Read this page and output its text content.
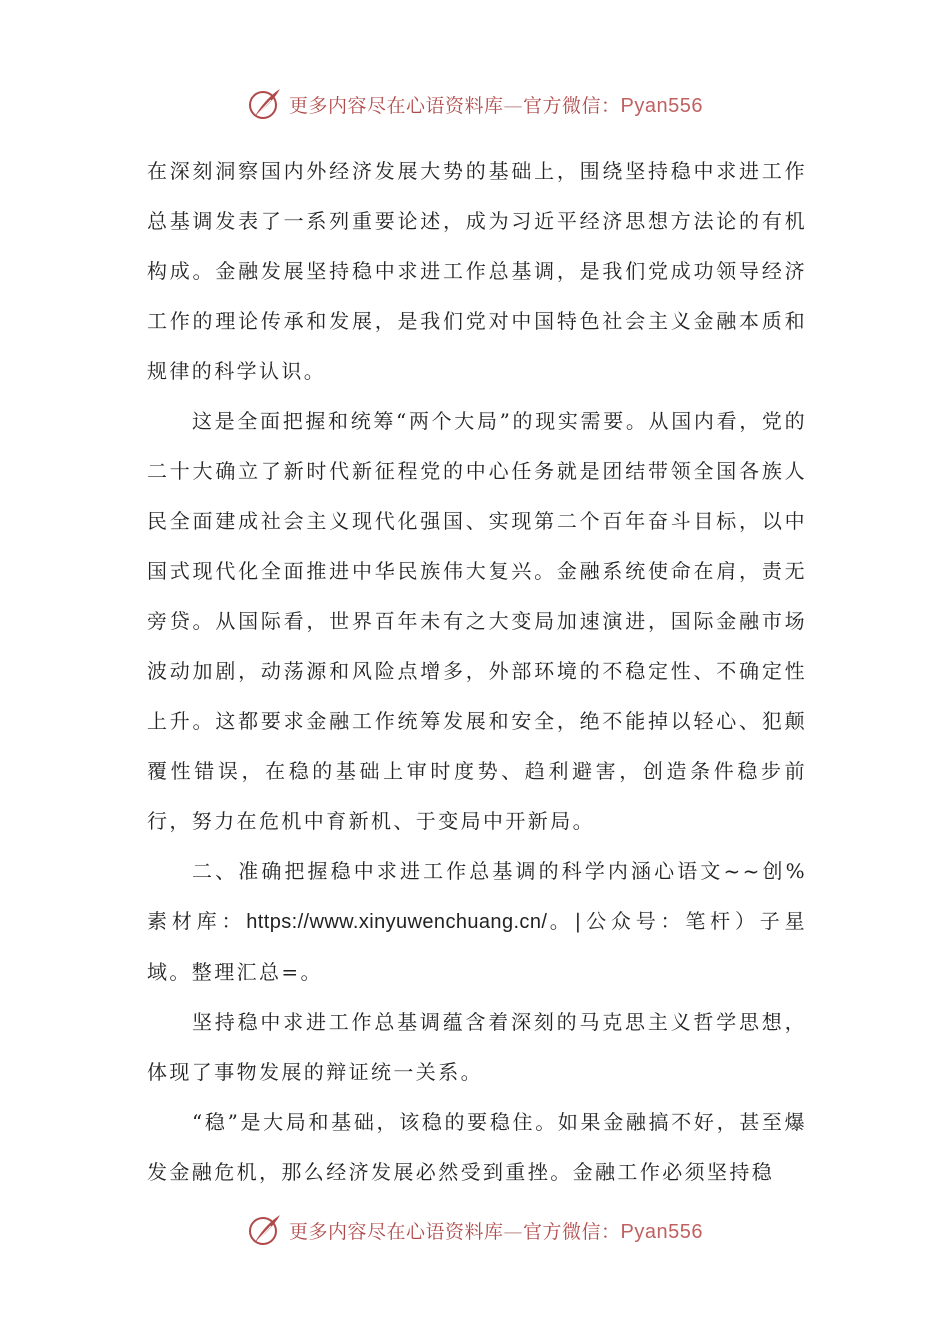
更多内容尽在心语资料库—官方微信：Pyan556

在深刻洞察国内外经济发展大势的基础上，围绕坚持稳中求进工作总基调发表了一系列重要论述，成为习近平经济思想方法论的有机构成。金融发展坚持稳中求进工作总基调，是我们党成功领导经济工作的理论传承和发展，是我们党对中国特色社会主义金融本质和规律的科学认识。

这是全面把握和统筹“两个大局”的现实需要。从国内看，党的二十大确立了新时代新征程党的中心任务就是团结带领全国各族人民全面建成社会主义现代化强国、实现第二个百年奋斗目标，以中国式现代化全面推进中华民族伟大复兴。金融系统使命在肩，责无旁贷。从国际看，世界百年未有之大变局加速演进，国际金融市场波动加剧，动荡源和风险点增多，外部环境的不稳定性、不确定性上升。这都要求金融工作统筹发展和安全，绝不能掉以轻心、犯颠覆性错误，在稳的基础上审时度势、趋利避害，创造条件稳步前行，努力在危机中育新机、于变局中开新局。

二、准确把握稳中求进工作总基调的科学内涵心语文~~创%素材库：https://www.xinyuwenchuang.cn/。|公众号：笔杆）子星域。整理汇总=。

坚持稳中求进工作总基调蕴含着深刻的马克思主义哲学思想，体现了事物发展的辩证统一关系。

“稳”是大局和基础，该稳的要稳住。如果金融搞不好，甚至爆发金融危机，那么经济发展必然受到重挫。金融工作必须坚持稳

更多内容尽在心语资料库—官方微信：Pyan556
